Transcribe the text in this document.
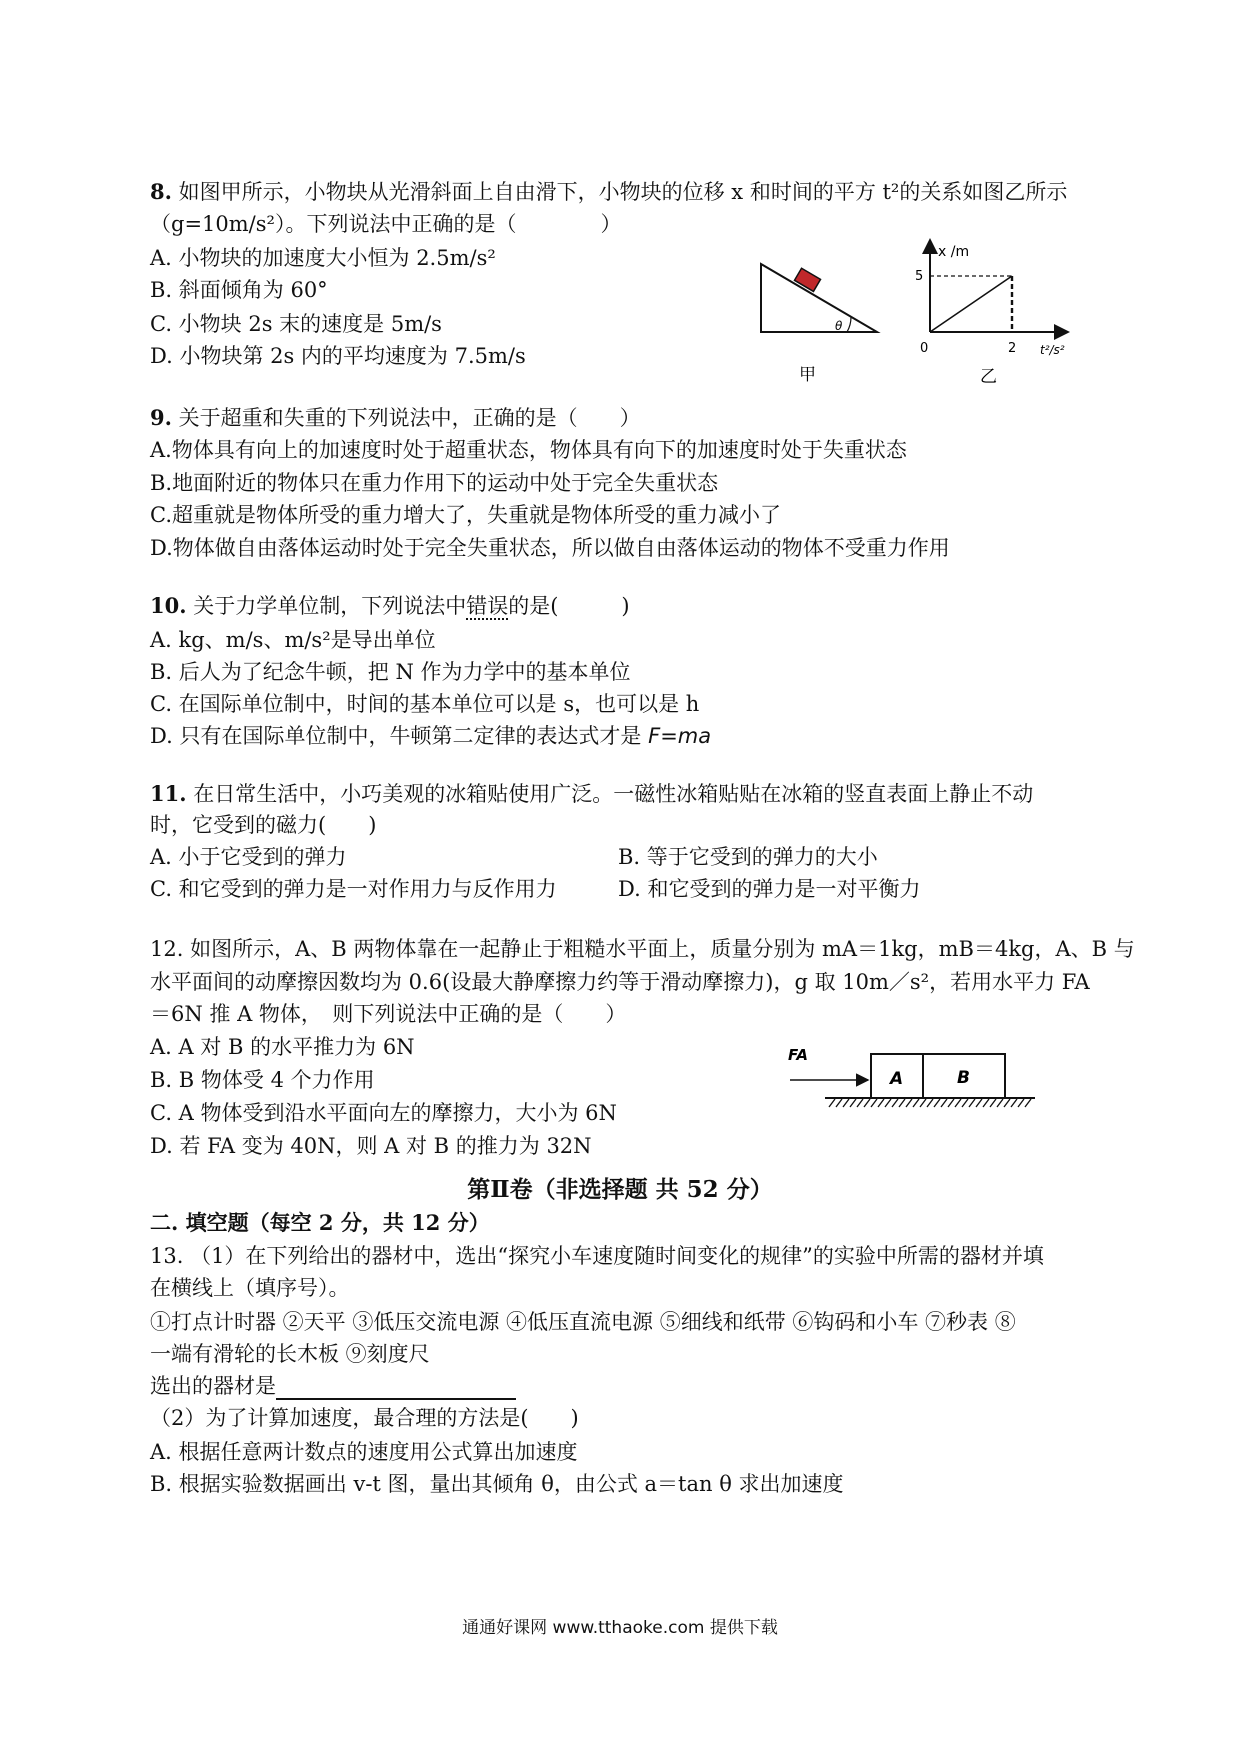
8. 如图甲所示，小物块从光滑斜面上自由滑下，小物块的位移 x 和时间的平方 t²的关系如图乙所示
（g=10m/s²）。下列说法中正确的是（　　　　）
A. 小物块的加速度大小恒为 2.5m/s²
B. 斜面倾角为 60°
C. 小物块 2s 末的速度是 5m/s
D. 小物块第 2s 内的平均速度为 7.5m/s
θ
甲
x /m
t²/s²
5
0	2
乙
9. 关于超重和失重的下列说法中，正确的是（　　）
A.物体具有向上的加速度时处于超重状态，物体具有向下的加速度时处于失重状态
B.地面附近的物体只在重力作用下的运动中处于完全失重状态
C.超重就是物体所受的重力增大了，失重就是物体所受的重力减小了
D.物体做自由落体运动时处于完全失重状态，所以做自由落体运动的物体不受重力作用
10. 关于力学单位制，下列说法中错误的是(　　　)
A. kg、m/s、m/s²是导出单位
B. 后人为了纪念牛顿，把 N 作为力学中的基本单位
C. 在国际单位制中，时间的基本单位可以是 s，也可以是 h
D. 只有在国际单位制中，牛顿第二定律的表达式才是 F=ma
11. 在日常生活中，小巧美观的冰箱贴使用广泛。一磁性冰箱贴贴在冰箱的竖直表面上静止不动
时，它受到的磁力(　　)
A. 小于它受到的弹力	B. 等于它受到的弹力的大小
C. 和它受到的弹力是一对作用力与反作用力	D. 和它受到的弹力是一对平衡力
12. 如图所示，A、B 两物体靠在一起静止于粗糙水平面上，质量分别为 mA＝1kg，mB＝4kg，A、B 与
水平面间的动摩擦因数均为 0.6(设最大静摩擦力约等于滑动摩擦力)，g 取 10m／s²，若用水平力 FA
＝6N 推 A 物体，　则下列说法中正确的是（　　）
A. A 对 B 的水平推力为 6N
B. B 物体受 4 个力作用
C. A 物体受到沿水平面向左的摩擦力，大小为 6N
D. 若 FA 变为 40N，则 A 对 B 的推力为 32N
FA
A	B
第Ⅱ卷（非选择题 共 52 分）
二. 填空题（每空 2 分，共 12 分）
13. （1）在下列给出的器材中，选出“探究小车速度随时间变化的规律”的实验中所需的器材并填
在横线上（填序号）。
①打点计时器 ②天平 ③低压交流电源 ④低压直流电源 ⑤细线和纸带 ⑥钩码和小车 ⑦秒表 ⑧
一端有滑轮的长木板 ⑨刻度尺
选出的器材是
（2）为了计算加速度，最合理的方法是(　　)
A. 根据任意两计数点的速度用公式算出加速度
B. 根据实验数据画出 v-t 图，量出其倾角 θ，由公式 a＝tan θ 求出加速度
通通好课网 www.tthaoke.com 提供下载
